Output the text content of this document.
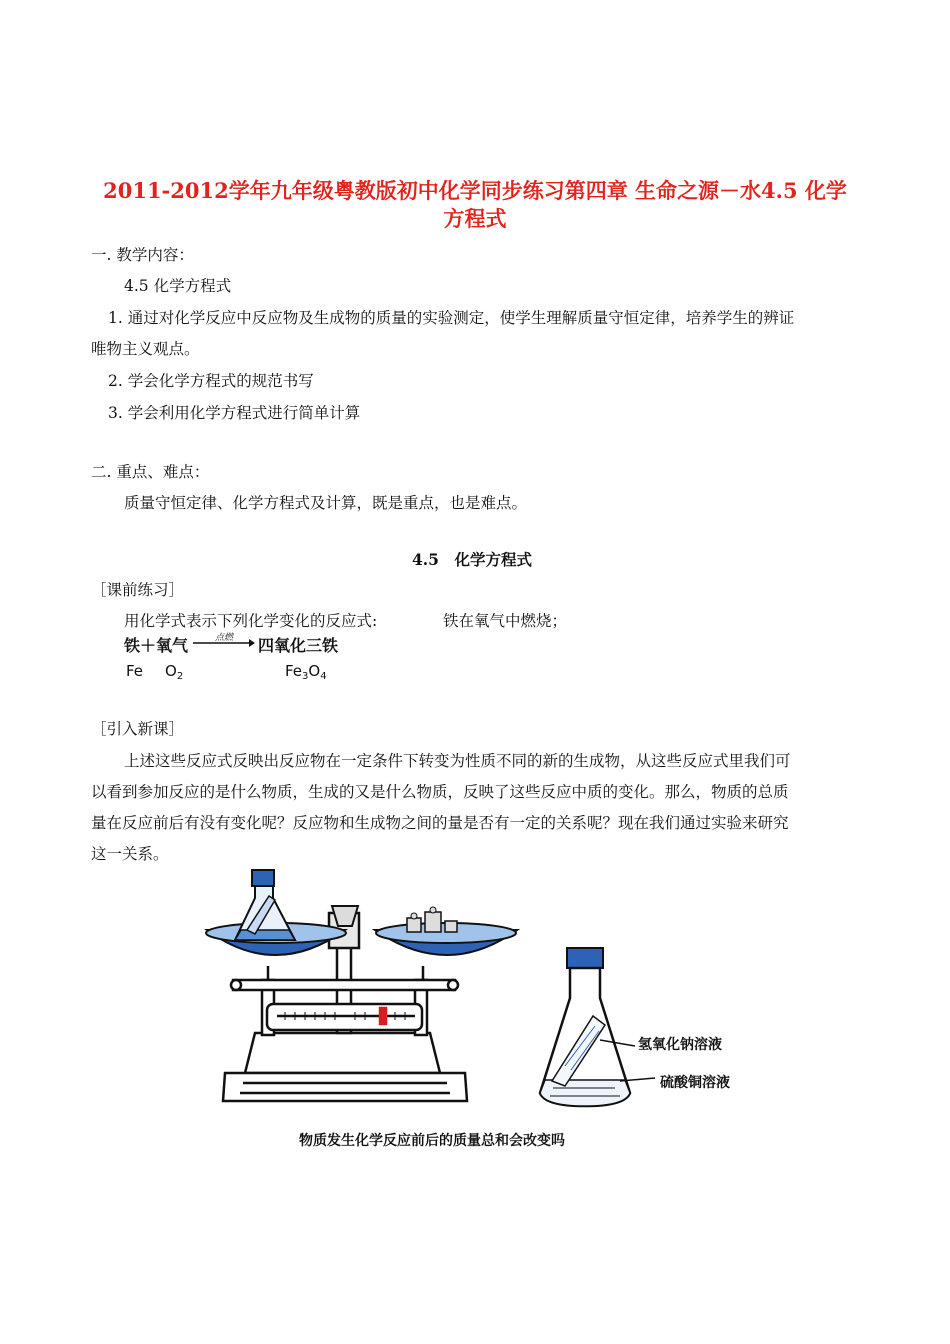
2011-2012学年九年级粤教版初中化学同步练习第四章 生命之源－水4.5 化学
方程式
一. 教学内容：
4.5 化学方程式
1. 通过对化学反应中反应物及生成物的质量的实验测定，使学生理解质量守恒定律，培养学生的辨证
唯物主义观点。
2. 学会化学方程式的规范书写
3. 学会利用化学方程式进行简单计算
二. 重点、难点：
质量守恒定律、化学方程式及计算，既是重点，也是难点。
4.5　化学方程式
［课前练习］
用化学式表示下列化学变化的反应式:	铁在氧气中燃烧；
铁＋氧气	点燃	四氧化三铁
Fe $O_2$	$Fe_3O_4$
［引入新课］
上述这些反应式反映出反应物在一定条件下转变为性质不同的新的生成物，从这些反应式里我们可
以看到参加反应的是什么物质，生成的又是什么物质，反映了这些反应中质的变化。那么，物质的总质
量在反应前后有没有变化呢？反应物和生成物之间的量是否有一定的关系呢？现在我们通过实验来研究
这一关系。
氢氧化钠溶液
硫酸铜溶液
物质发生化学反应前后的质量总和会改变吗
